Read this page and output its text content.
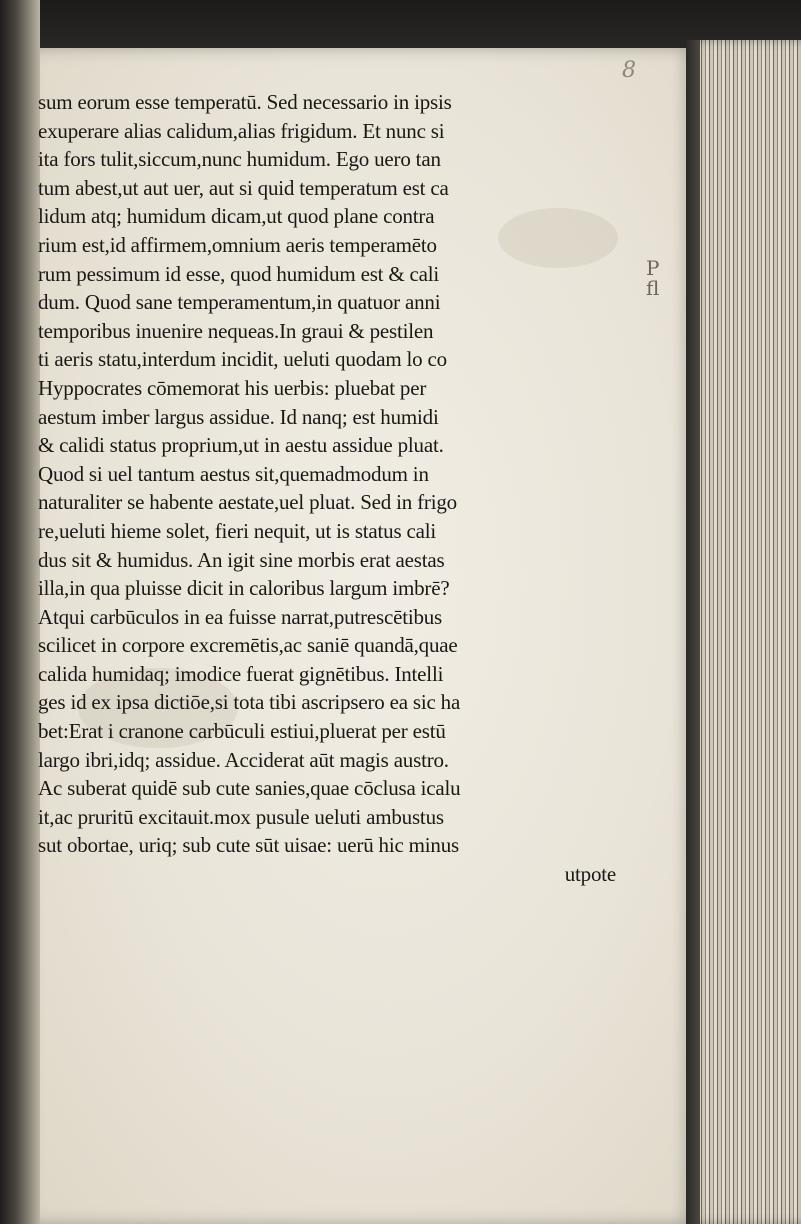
8
sum eorum esse temperatū. Sed necessario in ipsis
exuperare alias calidum,alias frigidum. Et nunc si
ita fors tulit,siccum,nunc humidum. Ego uero tan
tum abest,ut aut uer, aut si quid temperatum est ca
lidum atq; humidum dicam,ut quod plane contra
rium est,id affirmem,omnium aeris temperamēto
rum pessimum id esse, quod humidum est & cali
dum. Quod sane temperamentum,in quatuor anni
temporibus inuenire nequeas.In graui & pestilen
ti aeris statu,interdum incidit, ueluti quodam lo co
Hyppocrates cōmemorat his uerbis: pluebat per
aestum imber largus assidue. Id nanq; est humidi
& calidi status proprium,ut in aestu assidue pluat.
Quod si uel tantum aestus sit,quemadmodum in
naturaliter se habente aestate,uel pluat. Sed in frigo
re,ueluti hieme solet, fieri nequit, ut is status cali
dus sit & humidus. An igit sine morbis erat aestas
illa,in qua pluisse dicit in caloribus largum imbrē?
Atqui carbūculos in ea fuisse narrat,putrescētibus
scilicet in corpore excremētis,ac saniē quandā,quae
calida humidaq; imodice fuerat gignētibus. Intelli
ges id ex ipsa dictiōe,si tota tibi ascripsero ea sic ha
bet:Erat i cranone carbūculi estiui,pluerat per estū
largo ibri,idq; assidue. Acciderat aūt magis austro.
Ac suberat quidē sub cute sanies,quae cōclusa icalu
it,ac pruritū excitauit.mox pusule ueluti ambustus
sut obortae, uriq; sub cute sūt uisae: uerū hic minus
utpote
P
fl
